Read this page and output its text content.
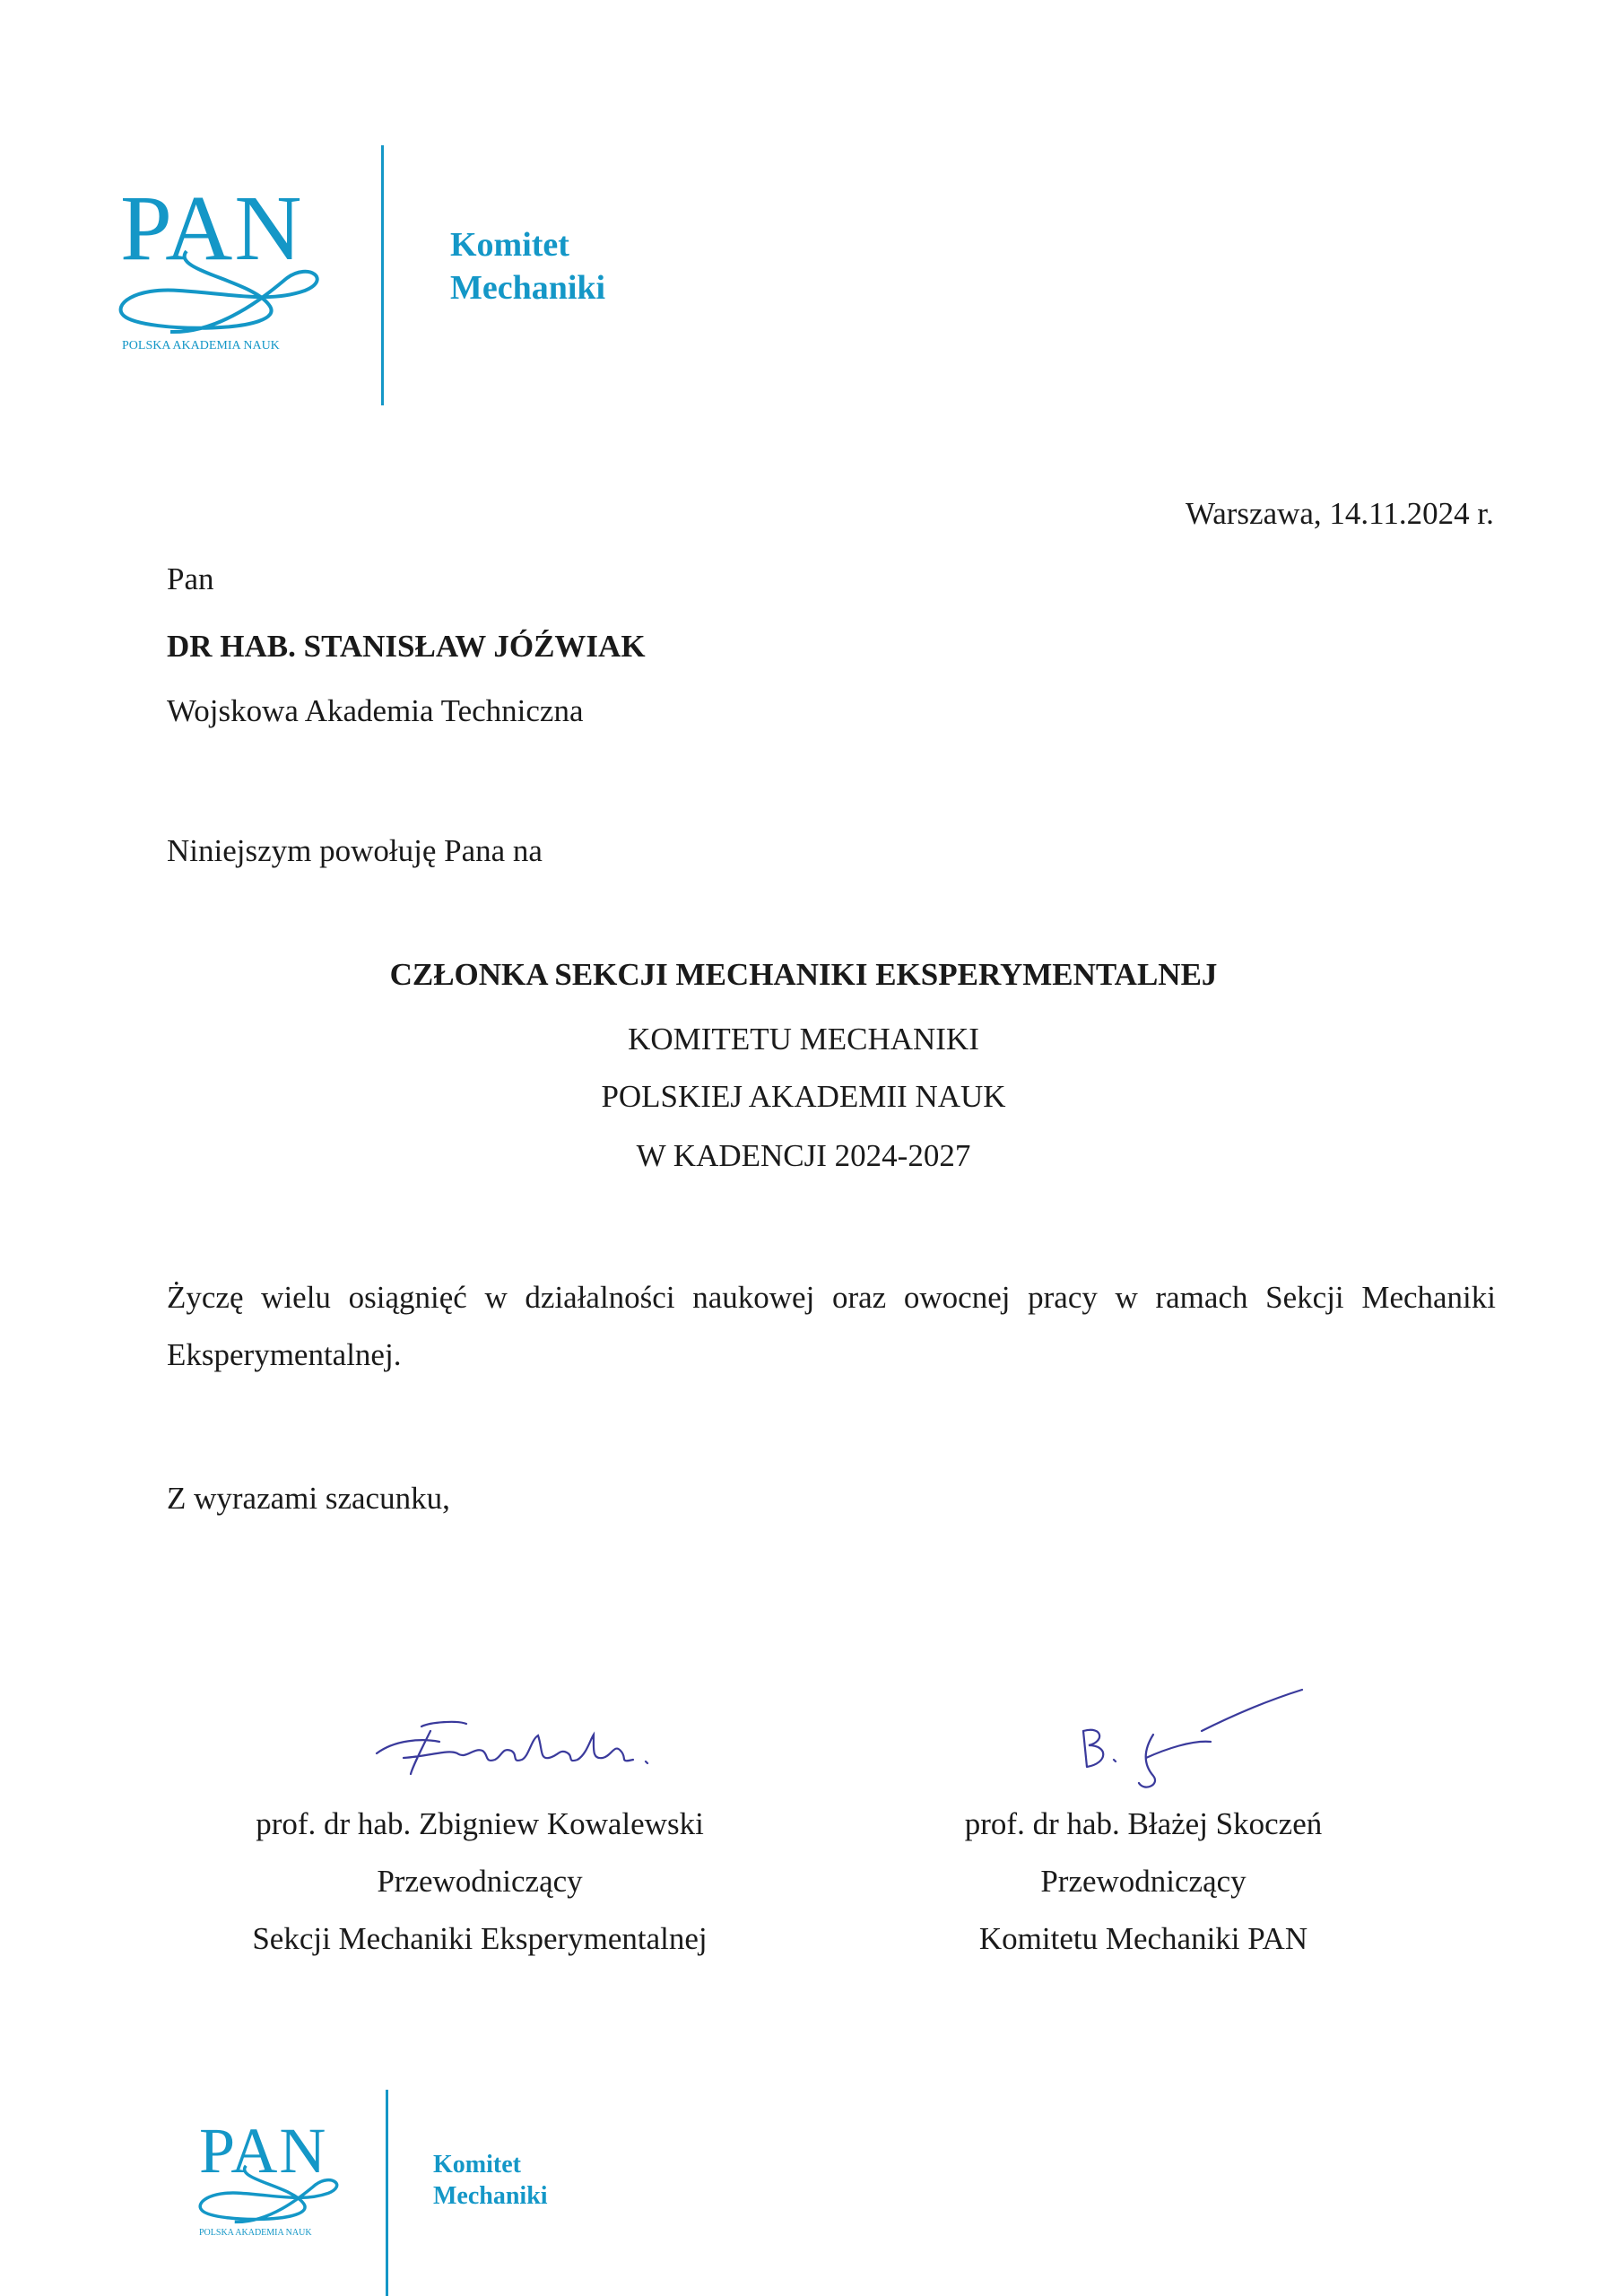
PAN
POLSKA AKADEMIA NAUK
Komitet
Mechaniki
Warszawa, 14.11.2024 r.
Pan
DR HAB. STANISŁAW JÓŹWIAK
Wojskowa Akademia Techniczna
Niniejszym powołuję Pana na
CZŁONKA SEKCJI MECHANIKI EKSPERYMENTALNEJ
KOMITETU MECHANIKI
POLSKIEJ AKADEMII NAUK
W KADENCJI 2024-2027
Życzę wielu osiągnięć w działalności naukowej oraz owocnej pracy w ramach Sekcji Mechaniki
Eksperymentalnej.
Z wyrazami szacunku,
prof. dr hab. Zbigniew Kowalewski
Przewodniczący
Sekcji Mechaniki Eksperymentalnej
prof. dr hab. Błażej Skoczeń
Przewodniczący
Komitetu Mechaniki PAN
PAN
POLSKA AKADEMIA NAUK
Komitet
Mechaniki
